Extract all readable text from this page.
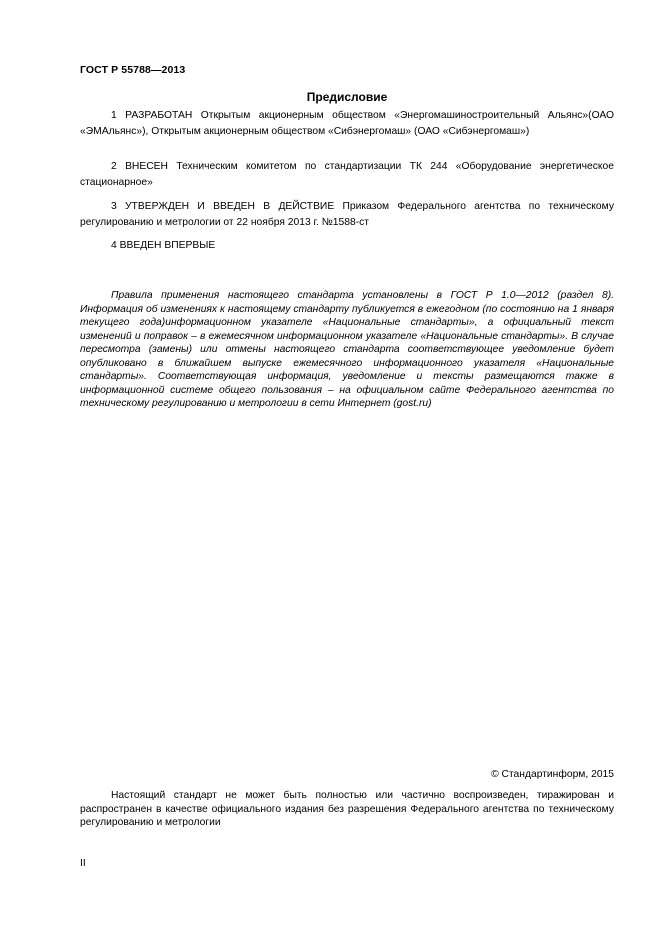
ГОСТ Р 55788—2013
Предисловие

1 РАЗРАБОТАН Открытым акционерным обществом «Энергомашиностроительный Альянс»(ОАО «ЭМАльянс»), Открытым акционерным обществом «Сибэнергомаш» (ОАО «Сибэнергомаш»)

2 ВНЕСЕН Техническим комитетом по стандартизации ТК 244 «Оборудование энергетическое стационарное»

3 УТВЕРЖДЕН И ВВЕДЕН В ДЕЙСТВИЕ Приказом Федерального агентства по техническому регулированию и метрологии от 22 ноября 2013 г. №1588-ст

4 ВВЕДЕН ВПЕРВЫЕ

Правила применения настоящего стандарта установлены в ГОСТ Р 1.0—2012 (раздел 8). Информация об изменениях к настоящему стандарту публикуется в ежегодном (по состоянию на 1 января текущего года)информационном указателе «Национальные стандарты», а официальный текст изменений и поправок – в ежемесячном информационном указателе «Национальные стандарты». В случае пересмотра (замены) или отмены настоящего стандарта соответствующее уведомление будет опубликовано в ближайшем выпуске ежемесячного информационного указателя «Национальные стандарты». Соответствующая информация, уведомление и тексты размещаются также в информационной системе общего пользования – на официальном сайте Федерального агентства по техническому регулированию и метрологии в сети Интернет (gost.ru)

© Стандартинформ, 2015

Настоящий стандарт не может быть полностью или частично воспроизведен, тиражирован и распространен в качестве официального издания без разрешения Федерального агентства по техническому регулированию и метрологии

II
